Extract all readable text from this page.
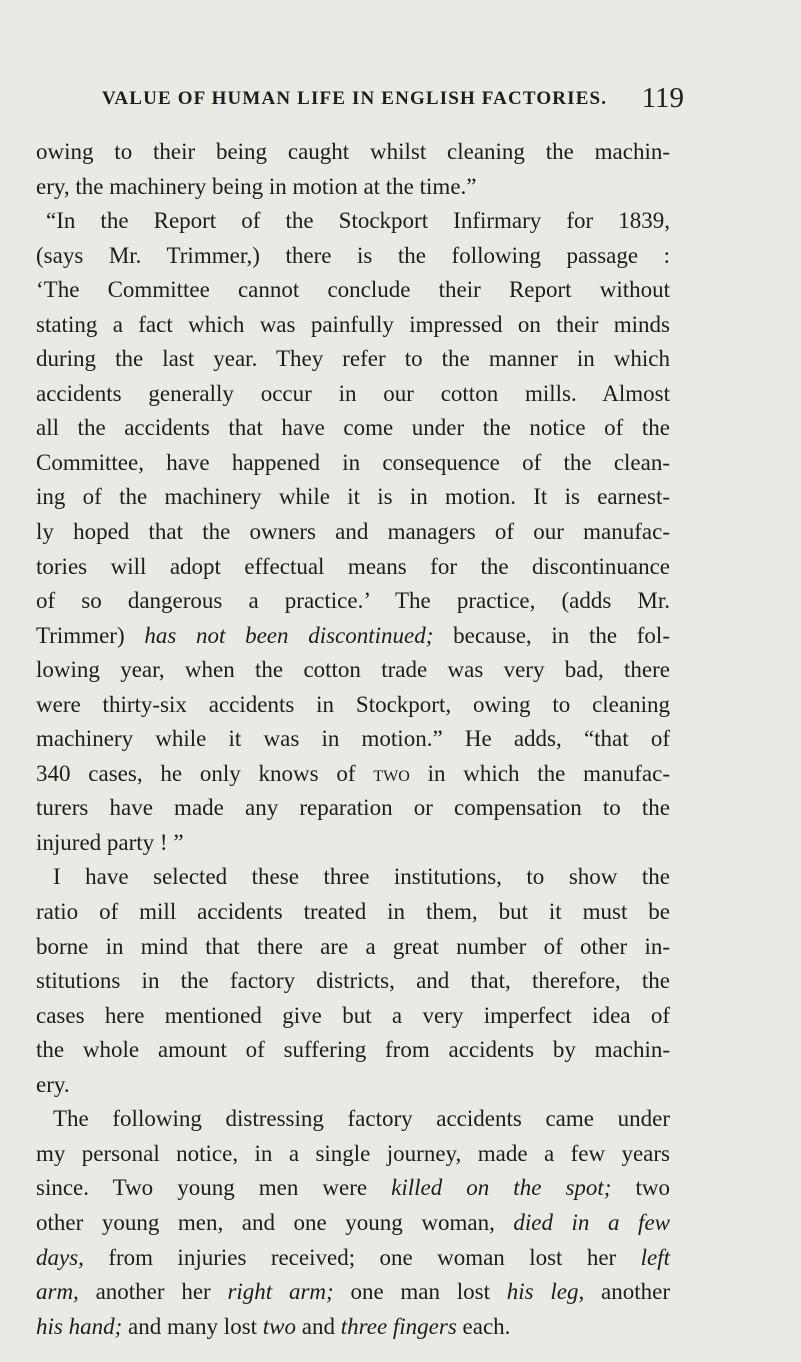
VALUE OF HUMAN LIFE IN ENGLISH FACTORIES. 119
owing to their being caught whilst cleaning the machin-
ery, the machinery being in motion at the time.”
“In the Report of the Stockport Infirmary for 1839,
(says Mr. Trimmer,) there is the following passage :
‘The Committee cannot conclude their Report without
stating a fact which was painfully impressed on their minds
during the last year. They refer to the manner in which
accidents generally occur in our cotton mills. Almost
all the accidents that have come under the notice of the
Committee, have happened in consequence of the clean-
ing of the machinery while it is in motion. It is earnest-
ly hoped that the owners and managers of our manufac-
tories will adopt effectual means for the discontinuance
of so dangerous a practice.’ The practice, (adds Mr.
Trimmer) has not been discontinued; because, in the fol-
lowing year, when the cotton trade was very bad, there
were thirty-six accidents in Stockport, owing to cleaning
machinery while it was in motion.” He adds, “that of
340 cases, he only knows of two in which the manufac-
turers have made any reparation or compensation to the
injured party ! ”
I have selected these three institutions, to show the
ratio of mill accidents treated in them, but it must be
borne in mind that there are a great number of other in-
stitutions in the factory districts, and that, therefore, the
cases here mentioned give but a very imperfect idea of
the whole amount of suffering from accidents by machin-
ery.
The following distressing factory accidents came under
my personal notice, in a single journey, made a few years
since. Two young men were killed on the spot; two
other young men, and one young woman, died in a few
days, from injuries received; one woman lost her left
arm, another her right arm; one man lost his leg, another
his hand; and many lost two and three fingers each.
